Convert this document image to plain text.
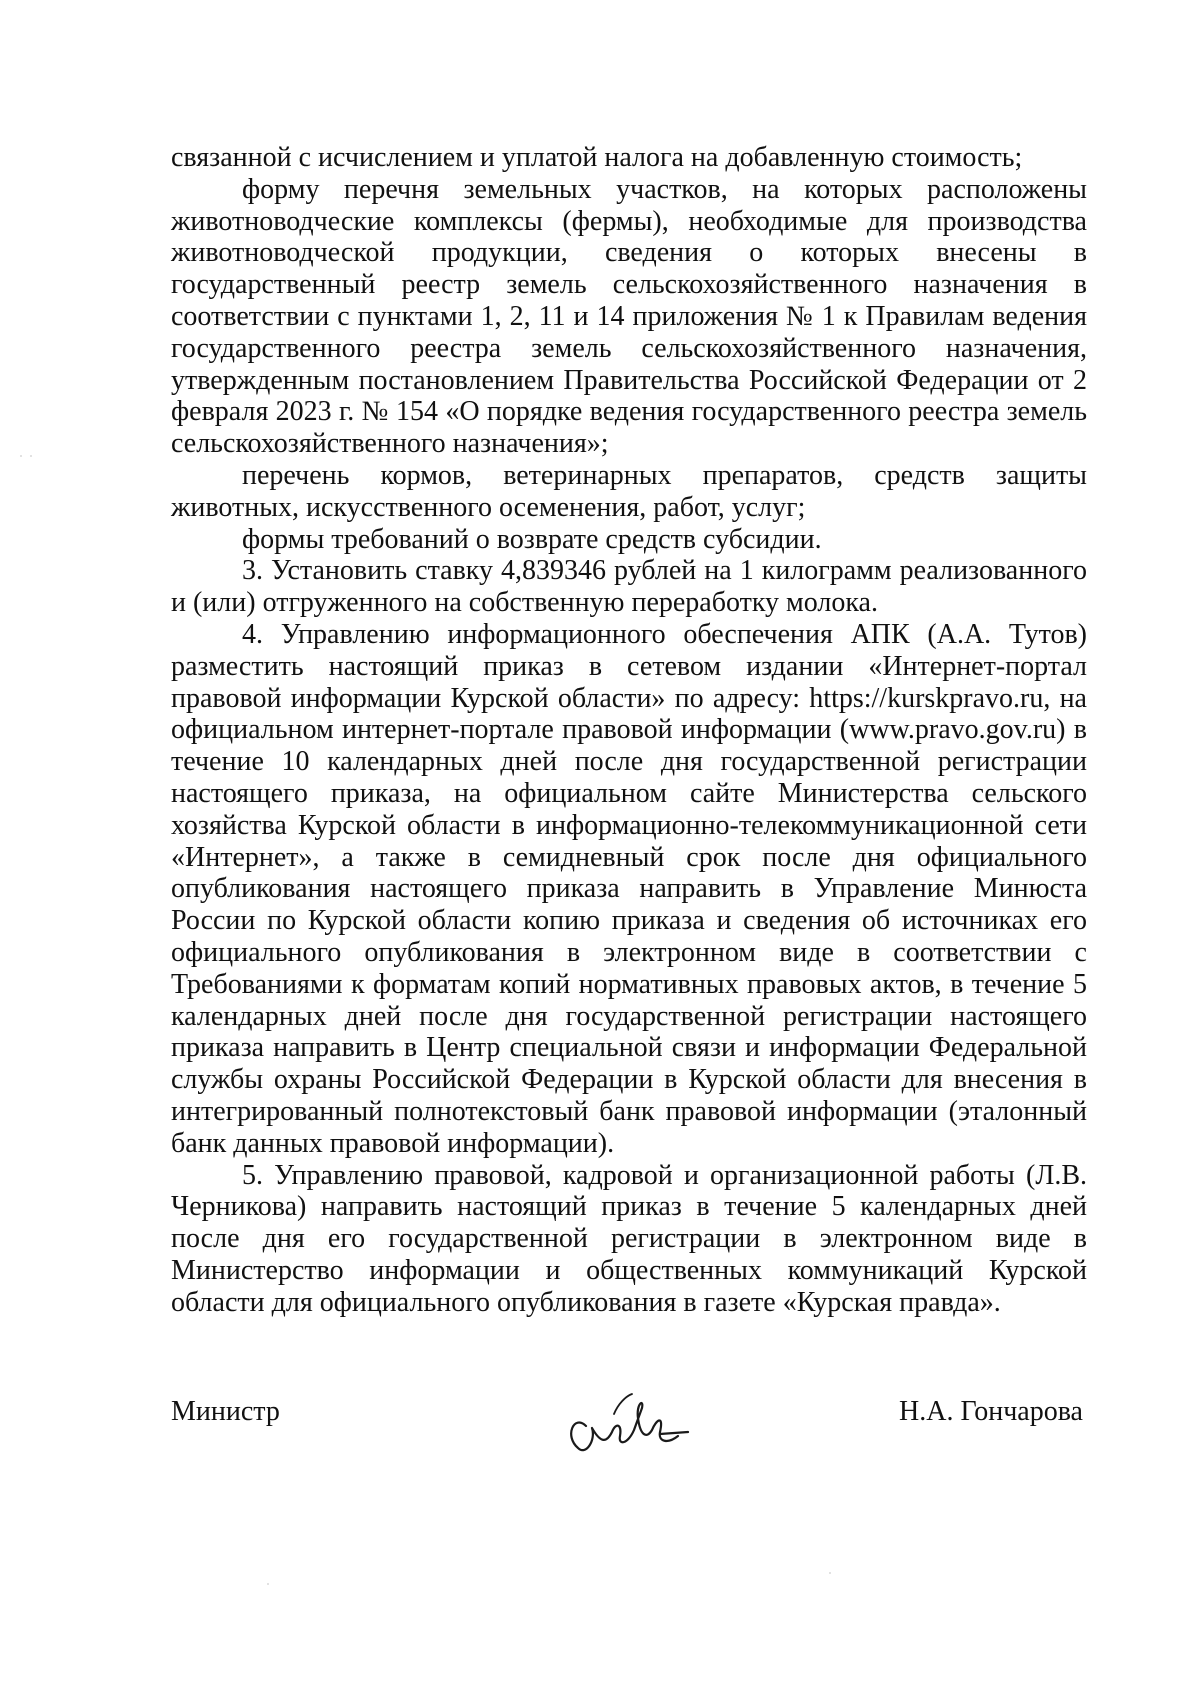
связанной с исчислением и уплатой налога на добавленную стоимость;

форму перечня земельных участков, на которых расположены животноводческие комплексы (фермы), необходимые для производства животноводческой продукции, сведения о которых внесены в государственный реестр земель сельскохозяйственного назначения в соответствии с пунктами 1, 2, 11 и 14 приложения № 1 к Правилам ведения государственного реестра земель сельскохозяйственного назначения, утвержденным постановлением Правительства Российской Федерации от 2 февраля 2023 г. № 154 «О порядке ведения государственного реестра земель сельскохозяйственного назначения»;

перечень кормов, ветеринарных препаратов, средств защиты животных, искусственного осеменения, работ, услуг;

формы требований о возврате средств субсидии.

3. Установить ставку 4,839346 рублей на 1 килограмм реализованного и (или) отгруженного на собственную переработку молока.

4. Управлению информационного обеспечения АПК (А.А. Тутов) разместить настоящий приказ в сетевом издании «Интернет-портал правовой информации Курской области» по адресу: https://kurskpravo.ru, на официальном интернет-портале правовой информации (www.pravo.gov.ru) в течение 10 календарных дней после дня государственной регистрации настоящего приказа, на официальном сайте Министерства сельского хозяйства Курской области в информационно-телекоммуникационной сети «Интернет», а также в семидневный срок после дня официального опубликования настоящего приказа направить в Управление Минюста России по Курской области копию приказа и сведения об источниках его официального опубликования в электронном виде в соответствии с Требованиями к форматам копий нормативных правовых актов, в течение 5 календарных дней после дня государственной регистрации настоящего приказа направить в Центр специальной связи и информации Федеральной службы охраны Российской Федерации в Курской области для внесения в интегрированный полнотекстовый банк правовой информации (эталонный банк данных правовой информации).

5. Управлению правовой, кадровой и организационной работы (Л.В. Черникова) направить настоящий приказ в течение 5 календарных дней после дня его государственной регистрации в электронном виде в Министерство информации и общественных коммуникаций Курской области для официального опубликования в газете «Курская правда».

Министр	Н.А. Гончарова
